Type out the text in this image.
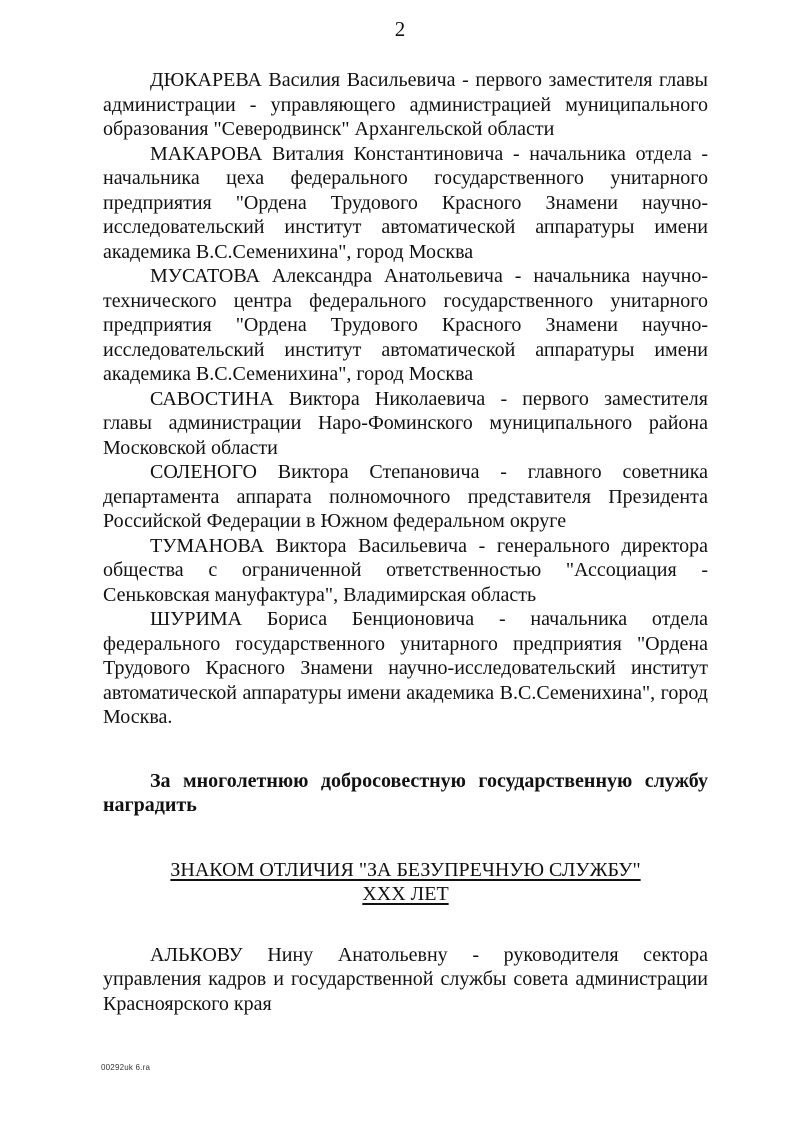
2

ДЮКАРЕВА Василия Васильевича - первого заместителя главы администрации - управляющего администрацией муниципального образования "Северодвинск" Архангельской области

МАКАРОВА Виталия Константиновича - начальника отдела - начальника цеха федерального государственного унитарного предприятия "Ордена Трудового Красного Знамени научно-исследовательский институт автоматической аппаратуры имени академика В.С.Семенихина", город Москва

МУСАТОВА Александра Анатольевича - начальника научно-технического центра федерального государственного унитарного предприятия "Ордена Трудового Красного Знамени научно-исследовательский институт автоматической аппаратуры имени академика В.С.Семенихина", город Москва

САВОСТИНА Виктора Николаевича - первого заместителя главы администрации Наро-Фоминского муниципального района Московской области

СОЛЕНОГО Виктора Степановича - главного советника департамента аппарата полномочного представителя Президента Российской Федерации в Южном федеральном округе

ТУМАНОВА Виктора Васильевича - генерального директора общества с ограниченной ответственностью "Ассоциация - Сеньковская мануфактура", Владимирская область

ШУРИМА Бориса Бенционовича - начальника отдела федерального государственного унитарного предприятия "Ордена Трудового Красного Знамени научно-исследовательский институт автоматической аппаратуры имени академика В.С.Семенихина", город Москва.

За многолетнюю добросовестную государственную службу наградить

ЗНАКОМ ОТЛИЧИЯ "ЗА БЕЗУПРЕЧНУЮ СЛУЖБУ"
XXX ЛЕТ

АЛЬКОВУ Нину Анатольевну - руководителя сектора управления кадров и государственной службы совета администрации Красноярского края

00292uk 6.ra
